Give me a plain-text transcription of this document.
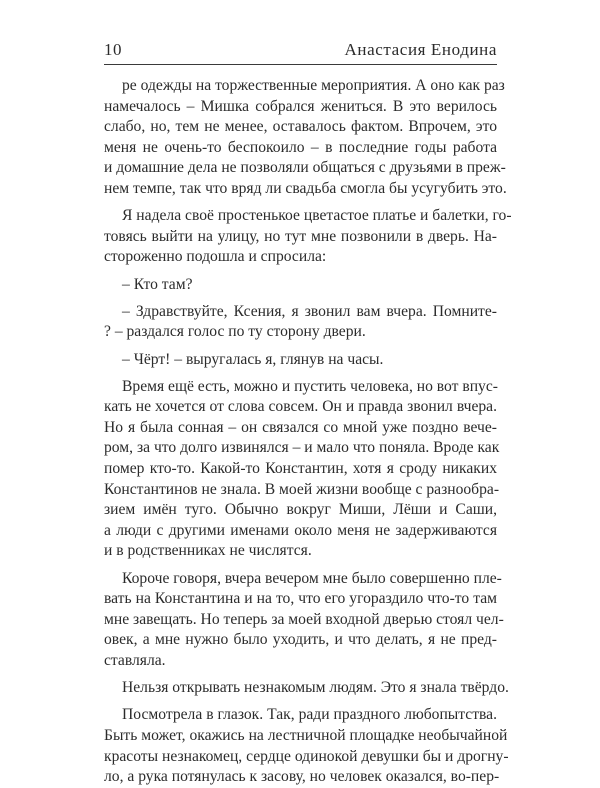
10	Анастасия Енодина
ре одежды на торжественные мероприятия. А оно как раз
намечалось – Мишка собрался жениться. В это верилось
слабо, но, тем не менее, оставалось фактом. Впрочем, это
меня не очень-то беспокоило – в последние годы работа
и домашние дела не позволяли общаться с друзьями в преж-
нем темпе, так что вряд ли свадьба смогла бы усугубить это.
Я надела своё простенькое цветастое платье и балетки, го-
товясь выйти на улицу, но тут мне позвонили в дверь. На-
стороженно подошла и спросила:
– Кто там?
– Здравствуйте, Ксения, я звонил вам вчера. Помните-
? – раздался голос по ту сторону двери.
– Чёрт! – выругалась я, глянув на часы.
Время ещё есть, можно и пустить человека, но вот впус-
кать не хочется от слова совсем. Он и правда звонил вчера.
Но я была сонная – он связался со мной уже поздно вечe-
ром, за что долго извинялся – и мало что поняла. Вроде как
помер кто-то. Какой-то Константин, хотя я сроду никаких
Константинов не знала. В моей жизни вообще с разнообра-
зием имён туго. Обычно вокруг Миши, Лёши и Саши,
а люди с другими именами около меня не задерживаются
и в родственниках не числятся.
Короче говоря, вчера вечером мне было совершенно пле-
вать на Константина и на то, что его угораздило что-то там
мне завещать. Но теперь за моей входной дверью стоял чел-
овек, а мне нужно было уходить, и что делать, я не пред-
ставляла.
Нельзя открывать незнакомым людям. Это я знала твёрдо.
Посмотрела в глазок. Так, ради праздного любопытства.
Быть может, окажись на лестничной площадке необычайной
красоты незнакомец, сердце одинокой девушки бы и дрогну-
ло, а рука потянулась к засову, но человек оказался, во-пер-
